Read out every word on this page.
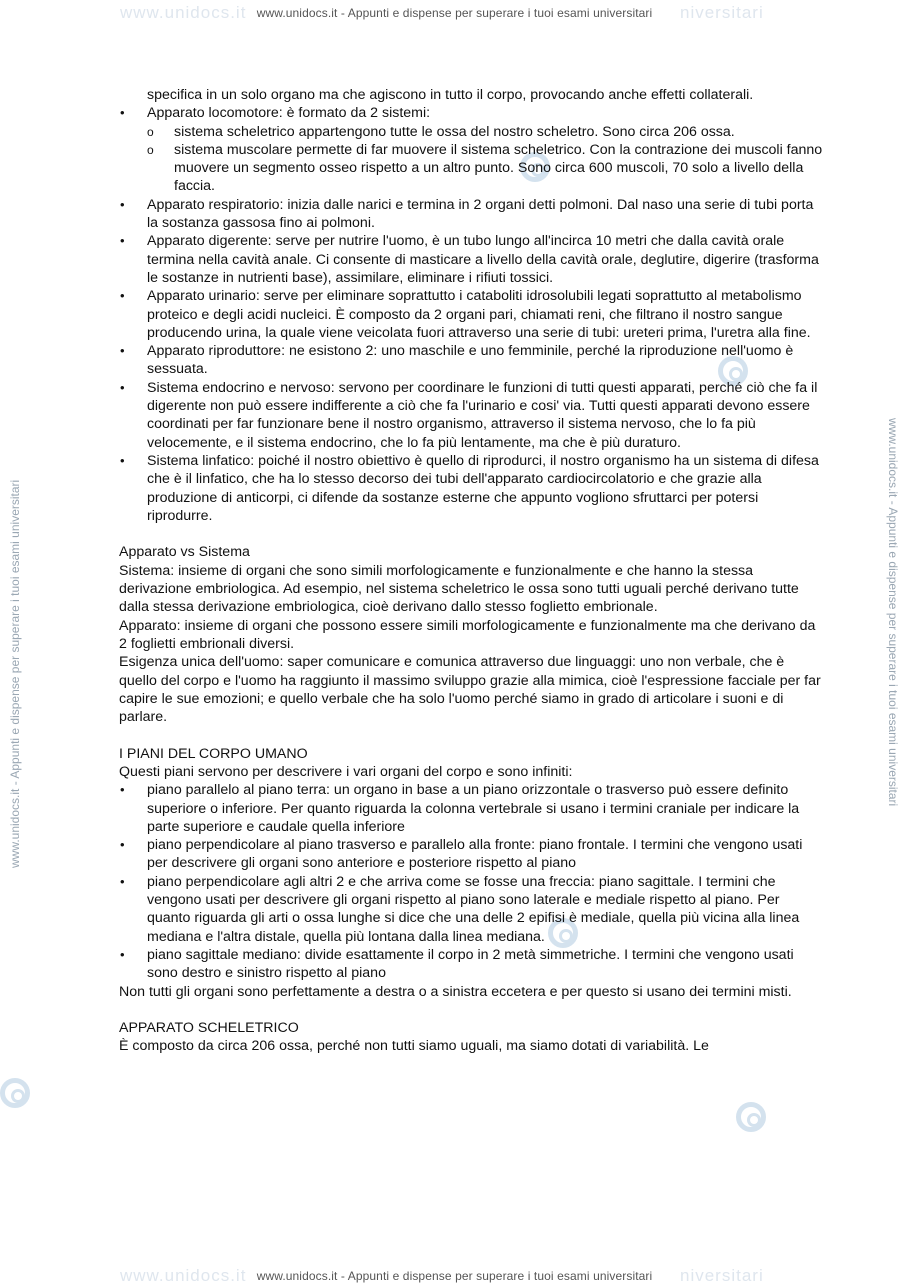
www.unidocs.it	niversitari
www.unidocs.it - Appunti e dispense per superare i tuoi esami universitari
www.unidocs.it	niversitari
www.unidocs.it - Appunti e dispense per superare i tuoi esami universitari
www.unidocs.it - Appunti e dispense per superare i tuoi esami universitari	www.unidocs.it - Appunti e dispense per superare i tuoi esami universitari

specifica in un solo organo ma che agiscono in tutto il corpo, provocando anche effetti collaterali.

• Apparato locomotore: è formato da 2 sistemi:
o sistema scheletrico appartengono tutte le ossa del nostro scheletro. Sono circa 206 ossa.
o sistema muscolare permette di far muovere il sistema scheletrico. Con la contrazione dei muscoli fanno muovere un segmento osseo rispetto a un altro punto. Sono circa 600 muscoli, 70 solo a livello della faccia.
• Apparato respiratorio: inizia dalle narici e termina in 2 organi detti polmoni. Dal naso una serie di tubi porta la sostanza gassosa fino ai polmoni.
• Apparato digerente: serve per nutrire l'uomo, è un tubo lungo all'incirca 10 metri che dalla cavità orale termina nella cavità anale. Ci consente di masticare a livello della cavità orale, deglutire, digerire (trasforma le sostanze in nutrienti base), assimilare, eliminare i rifiuti tossici.
• Apparato urinario: serve per eliminare soprattutto i cataboliti idrosolubili legati soprattutto al metabolismo proteico e degli acidi nucleici. È composto da 2 organi pari, chiamati reni, che filtrano il nostro sangue producendo urina, la quale viene veicolata fuori attraverso una serie di tubi: ureteri prima, l'uretra alla fine.
• Apparato riproduttore: ne esistono 2: uno maschile e uno femminile, perché la riproduzione nell'uomo è sessuata.
• Sistema endocrino e nervoso: servono per coordinare le funzioni di tutti questi apparati, perché ciò che fa il digerente non può essere indifferente a ciò che fa l'urinario e cosi' via. Tutti questi apparati devono essere coordinati per far funzionare bene il nostro organismo, attraverso il sistema nervoso, che lo fa più velocemente, e il sistema endocrino, che lo fa più lentamente, ma che è più duraturo.
• Sistema linfatico: poiché il nostro obiettivo è quello di riprodurci, il nostro organismo ha un sistema di difesa che è il linfatico, che ha lo stesso decorso dei tubi dell'apparato cardiocircolatorio e che grazie alla produzione di anticorpi, ci difende da sostanze esterne che appunto vogliono sfruttarci per potersi riprodurre.

Apparato vs Sistema

Sistema: insieme di organi che sono simili morfologicamente e funzionalmente e che hanno la stessa derivazione embriologica. Ad esempio, nel sistema scheletrico le ossa sono tutti uguali perché derivano tutte dalla stessa derivazione embriologica, cioè derivano dallo stesso foglietto embrionale.

Apparato: insieme di organi che possono essere simili morfologicamente e funzionalmente ma che derivano da 2 foglietti embrionali diversi.

Esigenza unica dell'uomo: saper comunicare e comunica attraverso due linguaggi: uno non verbale, che è quello del corpo e l'uomo ha raggiunto il massimo sviluppo grazie alla mimica, cioè l'espressione facciale per far capire le sue emozioni; e quello verbale che ha solo l'uomo perché siamo in grado di articolare i suoni e di parlare.

I PIANI DEL CORPO UMANO

Questi piani servono per descrivere i vari organi del corpo e sono infiniti:

• piano parallelo al piano terra: un organo in base a un piano orizzontale o trasverso può essere definito superiore o inferiore. Per quanto riguarda la colonna vertebrale si usano i termini craniale per indicare la parte superiore e caudale quella inferiore
• piano perpendicolare al piano trasverso e parallelo alla fronte: piano frontale. I termini che vengono usati per descrivere gli organi sono anteriore e posteriore rispetto al piano
• piano perpendicolare agli altri 2 e che arriva come se fosse una freccia: piano sagittale. I termini che vengono usati per descrivere gli organi rispetto al piano sono laterale e mediale rispetto al piano. Per quanto riguarda gli arti o ossa lunghe si dice che una delle 2 epifisi è mediale, quella più vicina alla linea mediana e l'altra distale, quella più lontana dalla linea mediana.
• piano sagittale mediano: divide esattamente il corpo in 2 metà simmetriche. I termini che vengono usati sono destro e sinistro rispetto al piano

Non tutti gli organi sono perfettamente a destra o a sinistra eccetera e per questo si usano dei termini misti.

APPARATO SCHELETRICO

È composto da circa 206 ossa, perché non tutti siamo uguali, ma siamo dotati di variabilità. Le
